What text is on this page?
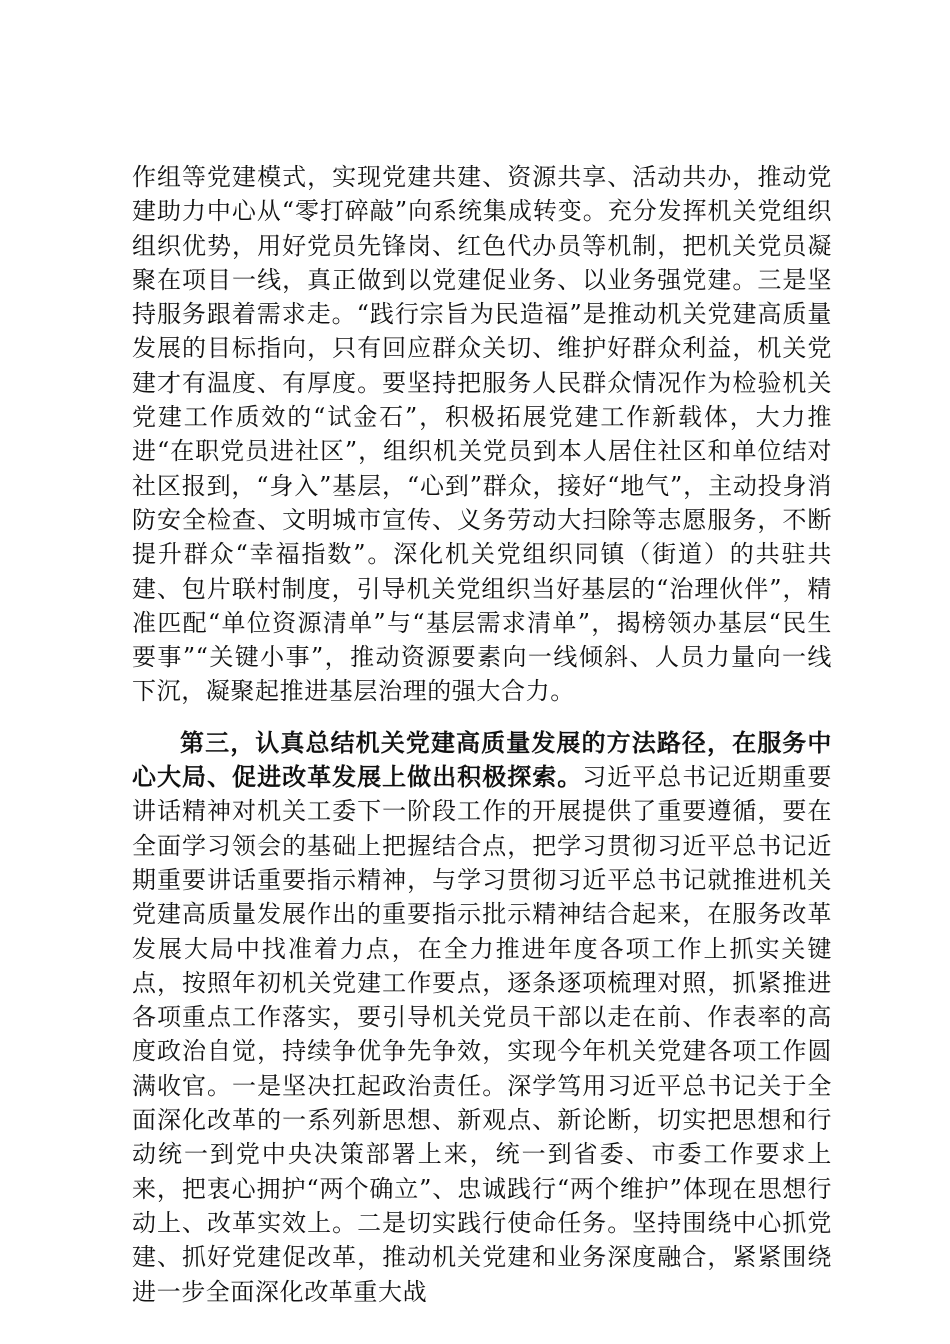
作组等党建模式，实现党建共建、资源共享、活动共办，推动党建助力中心从“零打碎敲”向系统集成转变。充分发挥机关党组织组织优势，用好党员先锋岗、红色代办员等机制，把机关党员凝聚在项目一线，真正做到以党建促业务、以业务强党建。三是坚持服务跟着需求走。“践行宗旨为民造福”是推动机关党建高质量发展的目标指向，只有回应群众关切、维护好群众利益，机关党建才有温度、有厚度。要坚持把服务人民群众情况作为检验机关党建工作质效的“试金石”，积极拓展党建工作新载体，大力推进“在职党员进社区”，组织机关党员到本人居住社区和单位结对社区报到，“身入”基层，“心到”群众，接好“地气”，主动投身消防安全检查、文明城市宣传、义务劳动大扫除等志愿服务，不断提升群众“幸福指数”。深化机关党组织同镇（街道）的共驻共建、包片联村制度，引导机关党组织当好基层的“治理伙伴”，精准匹配“单位资源清单”与“基层需求清单”，揭榜领办基层“民生要事”“关键小事”，推动资源要素向一线倾斜、人员力量向一线下沉，凝聚起推进基层治理的强大合力。

第三，认真总结机关党建高质量发展的方法路径，在服务中心大局、促进改革发展上做出积极探索。习近平总书记近期重要讲话精神对机关工委下一阶段工作的开展提供了重要遵循，要在全面学习领会的基础上把握结合点，把学习贯彻习近平总书记近期重要讲话重要指示精神，与学习贯彻习近平总书记就推进机关党建高质量发展作出的重要指示批示精神结合起来，在服务改革发展大局中找准着力点，在全力推进年度各项工作上抓实关键点，按照年初机关党建工作要点，逐条逐项梳理对照，抓紧推进各项重点工作落实，要引导机关党员干部以走在前、作表率的高度政治自觉，持续争优争先争效，实现今年机关党建各项工作圆满收官。一是坚决扛起政治责任。深学笃用习近平总书记关于全面深化改革的一系列新思想、新观点、新论断，切实把思想和行动统一到党中央决策部署上来，统一到省委、市委工作要求上来，把衷心拥护“两个确立”、忠诚践行“两个维护”体现在思想行动上、改革实效上。二是切实践行使命任务。坚持围绕中心抓党建、抓好党建促改革，推动机关党建和业务深度融合，紧紧围绕进一步全面深化改革重大战
